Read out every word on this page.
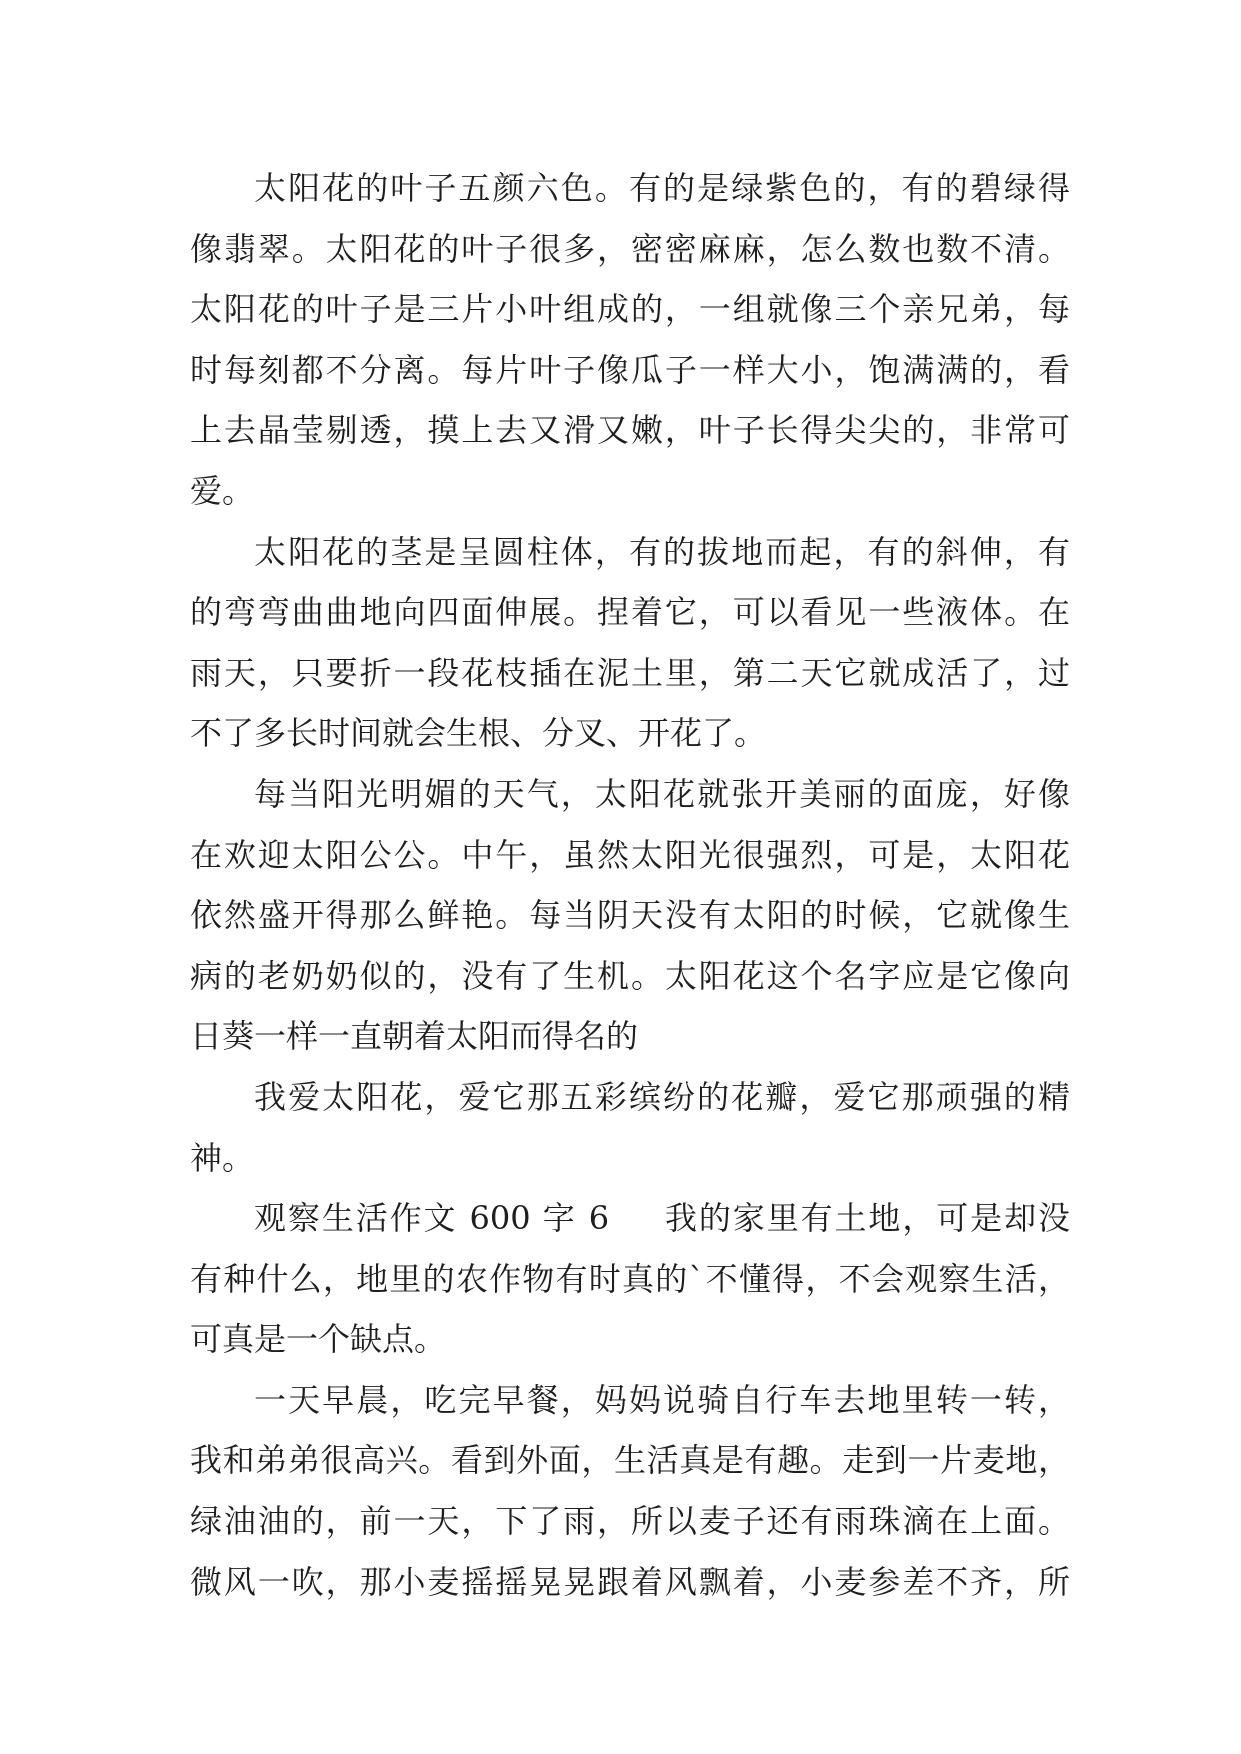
太阳花的叶子五颜六色。有的是绿紫色的，有的碧绿得
像翡翠。太阳花的叶子很多，密密麻麻，怎么数也数不清。
太阳花的叶子是三片小叶组成的，一组就像三个亲兄弟，每
时每刻都不分离。每片叶子像瓜子一样大小，饱满满的，看
上去晶莹剔透，摸上去又滑又嫩，叶子长得尖尖的，非常可
爱。
太阳花的茎是呈圆柱体，有的拔地而起，有的斜伸，有
的弯弯曲曲地向四面伸展。捏着它，可以看见一些液体。在
雨天，只要折一段花枝插在泥土里，第二天它就成活了，过
不了多长时间就会生根、分叉、开花了。
每当阳光明媚的天气，太阳花就张开美丽的面庞，好像
在欢迎太阳公公。中午，虽然太阳光很强烈，可是，太阳花
依然盛开得那么鲜艳。每当阴天没有太阳的时候，它就像生
病的老奶奶似的，没有了生机。太阳花这个名字应是它像向
日葵一样一直朝着太阳而得名的
我爱太阳花，爱它那五彩缤纷的花瓣，爱它那顽强的精
神。
观察生活作文 600 字 6 我的家里有土地，可是却没
有种什么，地里的农作物有时真的`不懂得，不会观察生活，
可真是一个缺点。
一天早晨，吃完早餐，妈妈说骑自行车去地里转一转，
我和弟弟很高兴。看到外面，生活真是有趣。走到一片麦地，
绿油油的，前一天，下了雨，所以麦子还有雨珠滴在上面。
微风一吹，那小麦摇摇晃晃跟着风飘着，小麦参差不齐，所
